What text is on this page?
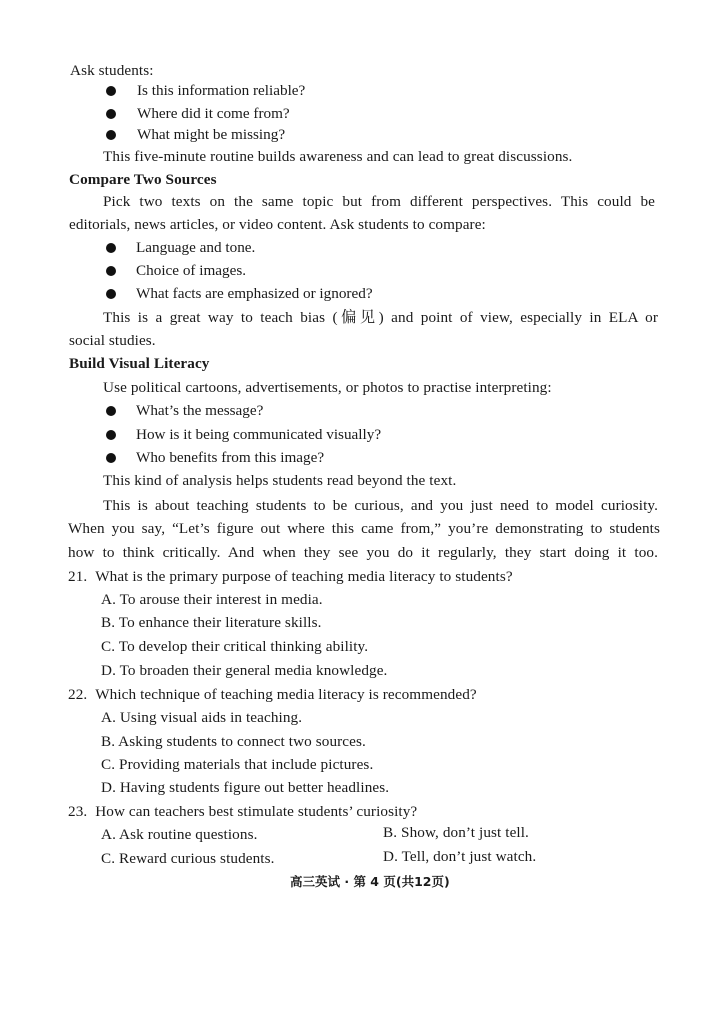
Ask students:
Is this information reliable?
Where did it come from?
What might be missing?
This five-minute routine builds awareness and can lead to great discussions.
Compare Two Sources
Pick two texts on the same topic but from different perspectives. This could be
editorials, news articles, or video content. Ask students to compare:
Language and tone.
Choice of images.
What facts are emphasized or ignored?
This is a great way to teach bias (偏见) and point of view, especially in ELA or
social studies.
Build Visual Literacy
Use political cartoons, advertisements, or photos to practise interpreting:
What’s the message?
How is it being communicated visually?
Who benefits from this image?
This kind of analysis helps students read beyond the text.
This is about teaching students to be curious, and you just need to model curiosity.
When you say, “Let’s figure out where this came from,” you’re demonstrating to students
how to think critically. And when they see you do it regularly, they start doing it too.
21. What is the primary purpose of teaching media literacy to students?
A. To arouse their interest in media.
B. To enhance their literature skills.
C. To develop their critical thinking ability.
D. To broaden their general media knowledge.
22. Which technique of teaching media literacy is recommended?
A. Using visual aids in teaching.
B. Asking students to connect two sources.
C. Providing materials that include pictures.
D. Having students figure out better headlines.
23. How can teachers best stimulate students’ curiosity?
A. Ask routine questions.	B. Show, don’t just tell.
C. Reward curious students.	D. Tell, don’t just watch.
高三英试 · 第 4 页(共12页)
